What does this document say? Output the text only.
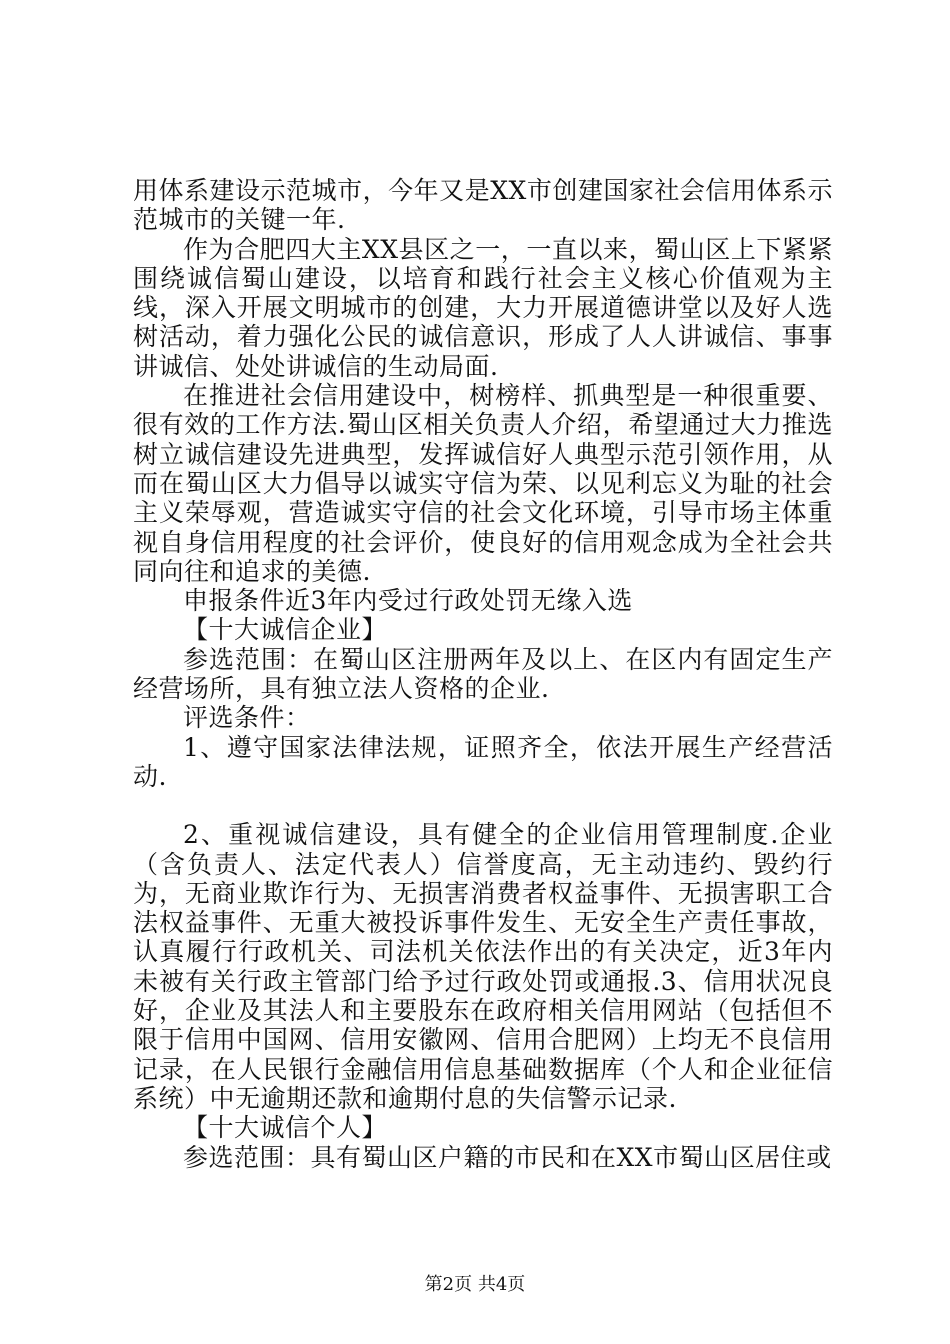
用体系建设示范城市，今年又是XX市创建国家社会信用体系示范城市的关键一年.

作为合肥四大主XX县区之一，一直以来，蜀山区上下紧紧围绕诚信蜀山建设，以培育和践行社会主义核心价值观为主线，深入开展文明城市的创建，大力开展道德讲堂以及好人选树活动，着力强化公民的诚信意识，形成了人人讲诚信、事事讲诚信、处处讲诚信的生动局面.

在推进社会信用建设中，树榜样、抓典型是一种很重要、很有效的工作方法.蜀山区相关负责人介绍，希望通过大力推选树立诚信建设先进典型，发挥诚信好人典型示范引领作用，从而在蜀山区大力倡导以诚实守信为荣、以见利忘义为耻的社会主义荣辱观，营造诚实守信的社会文化环境，引导市场主体重视自身信用程度的社会评价，使良好的信用观念成为全社会共同向往和追求的美德.

申报条件近3年内受过行政处罚无缘入选

【十大诚信企业】

参选范围：在蜀山区注册两年及以上、在区内有固定生产经营场所，具有独立法人资格的企业.

评选条件：

1、遵守国家法律法规，证照齐全，依法开展生产经营活动.

2、重视诚信建设，具有健全的企业信用管理制度.企业（含负责人、法定代表人）信誉度高，无主动违约、毁约行为，无商业欺诈行为、无损害消费者权益事件、无损害职工合法权益事件、无重大被投诉事件发生、无安全生产责任事故，认真履行行政机关、司法机关依法作出的有关决定，近3年内未被有关行政主管部门给予过行政处罚或通报.3、信用状况良好，企业及其法人和主要股东在政府相关信用网站（包括但不限于信用中国网、信用安徽网、信用合肥网）上均无不良信用记录，在人民银行金融信用信息基础数据库（个人和企业征信系统）中无逾期还款和逾期付息的失信警示记录.

【十大诚信个人】

参选范围：具有蜀山区户籍的市民和在XX市蜀山区居住或

第2页 共4页
